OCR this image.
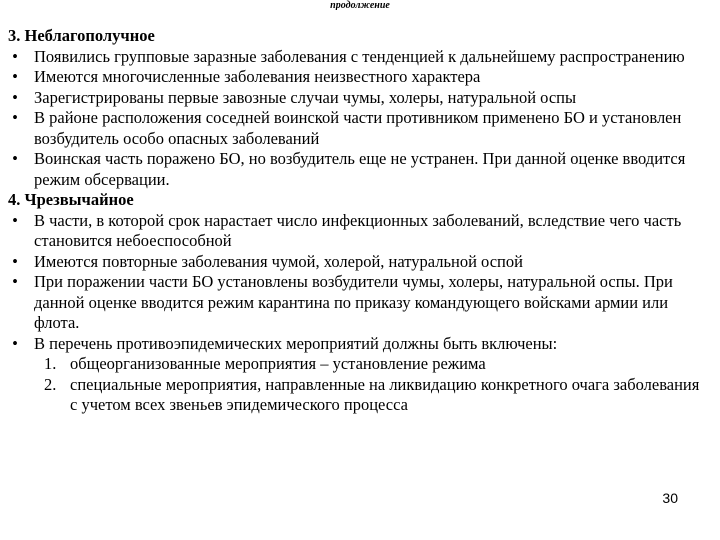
продолжение
3. Неблагополучное
• Появились групповые заразные заболевания с тенденцией к дальнейшему распространению
• Имеются многочисленные заболевания неизвестного характера
• Зарегистрированы первые завозные случаи чумы, холеры, натуральной оспы
• В районе расположения соседней воинской части противником применено БО и установлен возбудитель особо опасных заболеваний
• Воинская часть поражено БО, но возбудитель еще не устранен. При данной оценке вводится режим обсервации.
4. Чрезвычайное
• В части, в которой срок нарастает число инфекционных заболеваний, вследствие чего часть становится небоеспособной
• Имеются повторные заболевания чумой, холерой, натуральной оспой
• При поражении части БО установлены возбудители чумы, холеры, натуральной оспы. При данной оценке вводится режим карантина по приказу командующего войсками армии или флота.
• В перечень противоэпидемических мероприятий должны быть включены:
1. общеорганизованные мероприятия – установление режима
2. специальные мероприятия, направленные на ликвидацию конкретного очага заболевания с учетом всех звеньев эпидемического процесса
30
